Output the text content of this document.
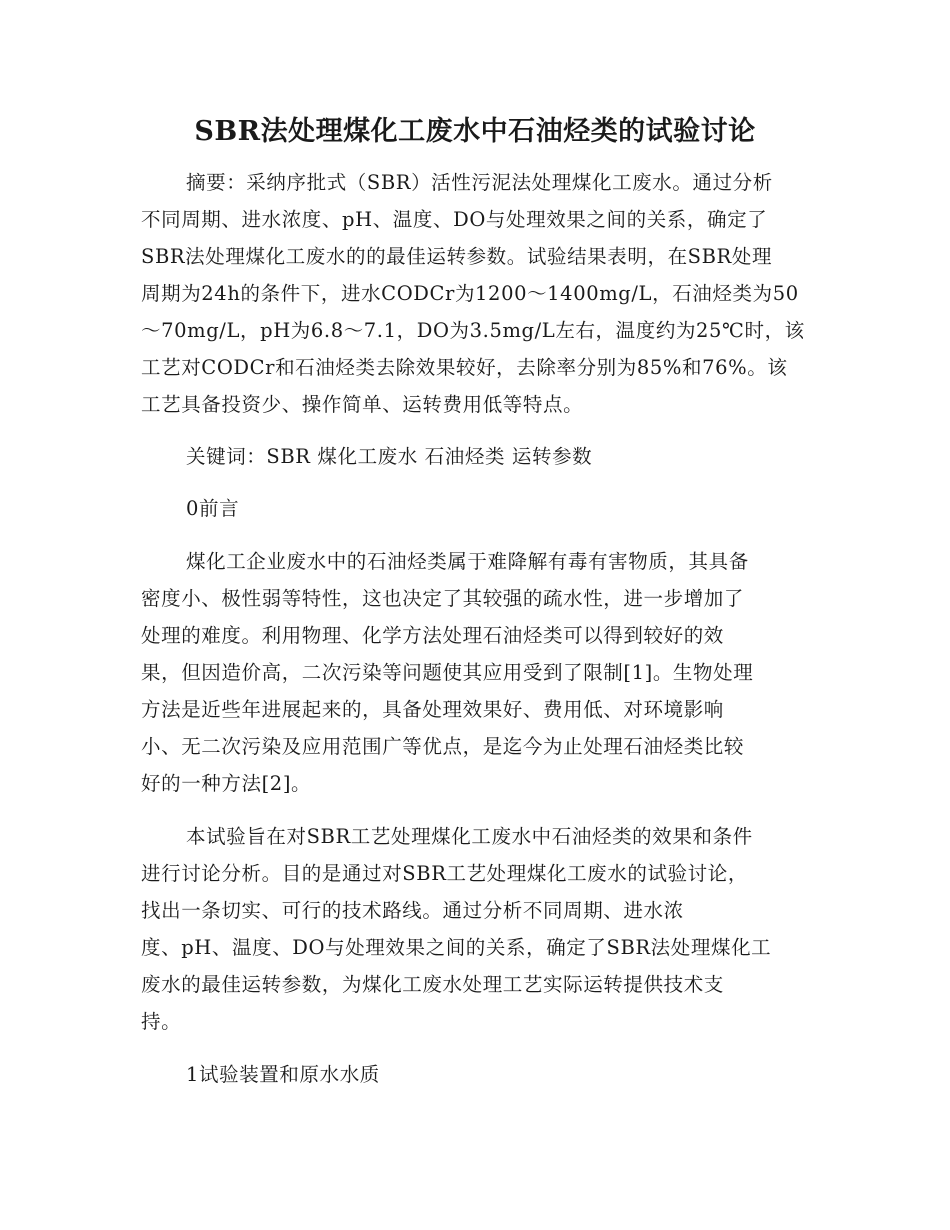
SBR法处理煤化工废水中石油烃类的试验讨论
摘要：采纳序批式（SBR）活性污泥法处理煤化工废水。通过分析
不同周期、进水浓度、pH、温度、DO与处理效果之间的关系，确定了
SBR法处理煤化工废水的的最佳运转参数。试验结果表明，在SBR处理
周期为24h的条件下，进水CODCr为1200～1400mg/L，石油烃类为50
～70mg/L，pH为6.8～7.1，DO为3.5mg/L左右，温度约为25℃时，该
工艺对CODCr和石油烃类去除效果较好，去除率分别为85%和76%。该
工艺具备投资少、操作简单、运转费用低等特点。
关键词：SBR 煤化工废水 石油烃类 运转参数
0前言
煤化工企业废水中的石油烃类属于难降解有毒有害物质，其具备
密度小、极性弱等特性，这也决定了其较强的疏水性，进一步增加了
处理的难度。利用物理、化学方法处理石油烃类可以得到较好的效
果，但因造价高，二次污染等问题使其应用受到了限制[1]。生物处理
方法是近些年进展起来的，具备处理效果好、费用低、对环境影响
小、无二次污染及应用范围广等优点，是迄今为止处理石油烃类比较
好的一种方法[2]。
本试验旨在对SBR工艺处理煤化工废水中石油烃类的效果和条件
进行讨论分析。目的是通过对SBR工艺处理煤化工废水的试验讨论，
找出一条切实、可行的技术路线。通过分析不同周期、进水浓
度、pH、温度、DO与处理效果之间的关系，确定了SBR法处理煤化工
废水的最佳运转参数，为煤化工废水处理工艺实际运转提供技术支
持。
1试验装置和原水水质
